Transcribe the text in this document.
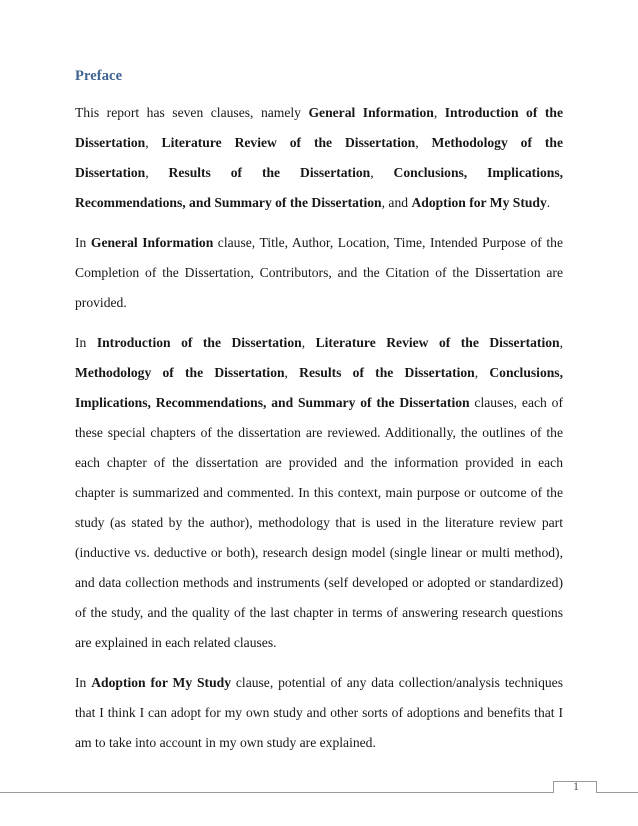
Preface

This report has seven clauses, namely General Information, Introduction of the Dissertation, Literature Review of the Dissertation, Methodology of the Dissertation, Results of the Dissertation, Conclusions, Implications, Recommendations, and Summary of the Dissertation, and Adoption for My Study.

In General Information clause, Title, Author, Location, Time, Intended Purpose of the Completion of the Dissertation, Contributors, and the Citation of the Dissertation are provided.

In Introduction of the Dissertation, Literature Review of the Dissertation, Methodology of the Dissertation, Results of the Dissertation, Conclusions, Implications, Recommendations, and Summary of the Dissertation clauses, each of these special chapters of the dissertation are reviewed. Additionally, the outlines of the each chapter of the dissertation are provided and the information provided in each chapter is summarized and commented. In this context, main purpose or outcome of the study (as stated by the author), methodology that is used in the literature review part (inductive vs. deductive or both), research design model (single linear or multi method), and data collection methods and instruments (self developed or adopted or standardized) of the study, and the quality of the last chapter in terms of answering research questions are explained in each related clauses.

In Adoption for My Study clause, potential of any data collection/analysis techniques that I think I can adopt for my own study and other sorts of adoptions and benefits that I am to take into account in my own study are explained.

1
